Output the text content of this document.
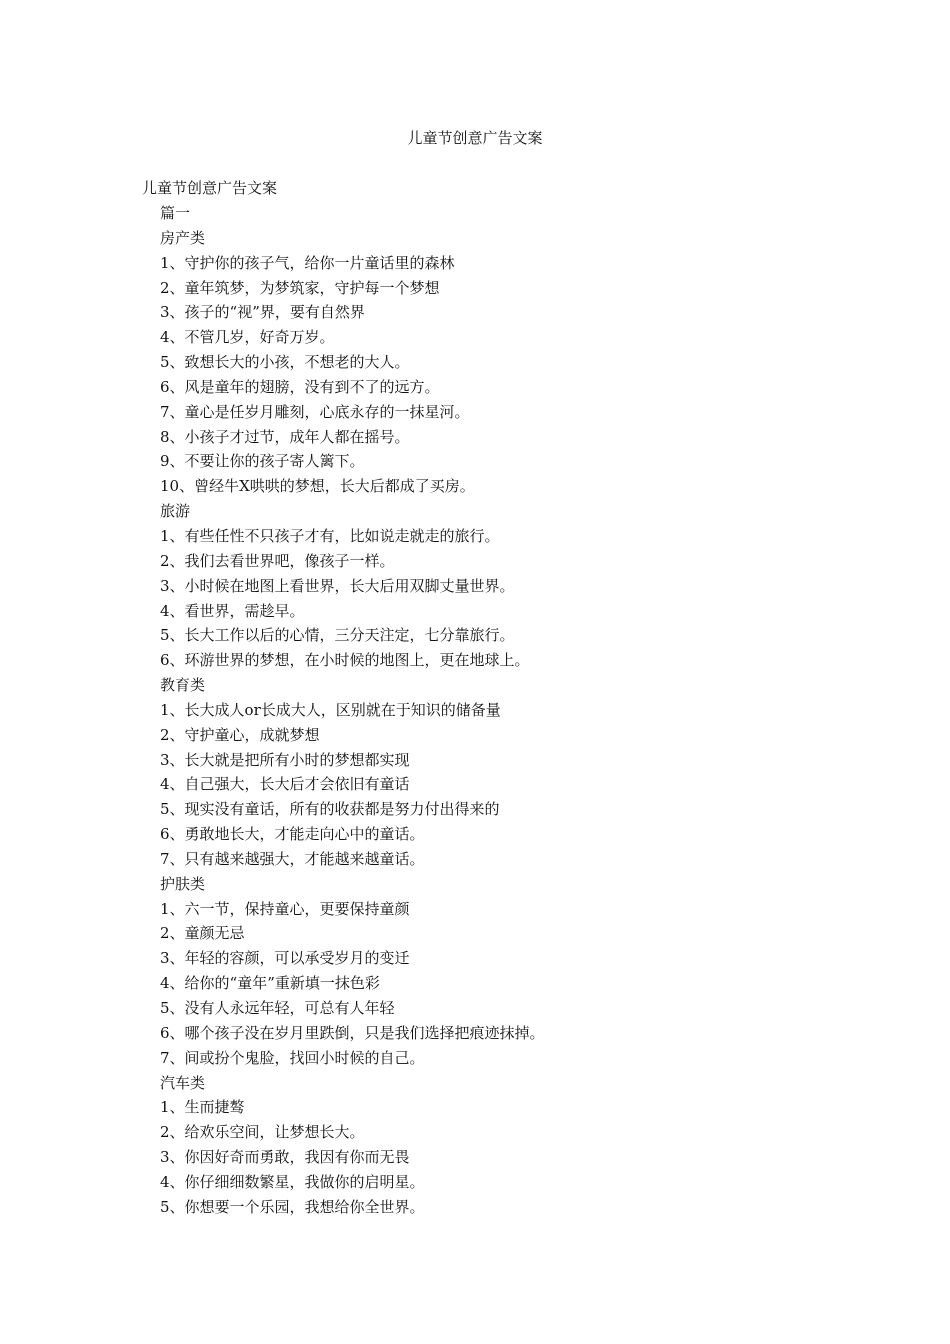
儿童节创意广告文案
儿童节创意广告文案
篇一
房产类
1、守护你的孩子气，给你一片童话里的森林
2、童年筑梦，为梦筑家，守护每一个梦想
3、孩子的“视”界，要有自然界
4、不管几岁，好奇万岁。
5、致想长大的小孩，不想老的大人。
6、风是童年的翅膀，没有到不了的远方。
7、童心是任岁月雕刻，心底永存的一抹星河。
8、小孩子才过节，成年人都在摇号。
9、不要让你的孩子寄人篱下。
10、曾经牛X哄哄的梦想，长大后都成了买房。
旅游
1、有些任性不只孩子才有，比如说走就走的旅行。
2、我们去看世界吧，像孩子一样。
3、小时候在地图上看世界，长大后用双脚丈量世界。
4、看世界，需趁早。
5、长大工作以后的心情，三分天注定，七分靠旅行。
6、环游世界的梦想，在小时候的地图上，更在地球上。
教育类
1、长大成人or长成大人，区别就在于知识的储备量
2、守护童心，成就梦想
3、长大就是把所有小时的梦想都实现
4、自己强大，长大后才会依旧有童话
5、现实没有童话，所有的收获都是努力付出得来的
6、勇敢地长大，才能走向心中的童话。
7、只有越来越强大，才能越来越童话。
护肤类
1、六一节，保持童心，更要保持童颜
2、童颜无忌
3、年轻的容颜，可以承受岁月的变迁
4、给你的“童年”重新填一抹色彩
5、没有人永远年轻，可总有人年轻
6、哪个孩子没在岁月里跌倒，只是我们选择把痕迹抹掉。
7、间或扮个鬼脸，找回小时候的自己。
汽车类
1、生而捷骜
2、给欢乐空间，让梦想长大。
3、你因好奇而勇敢，我因有你而无畏
4、你仔细细数繁星，我做你的启明星。
5、你想要一个乐园，我想给你全世界。
